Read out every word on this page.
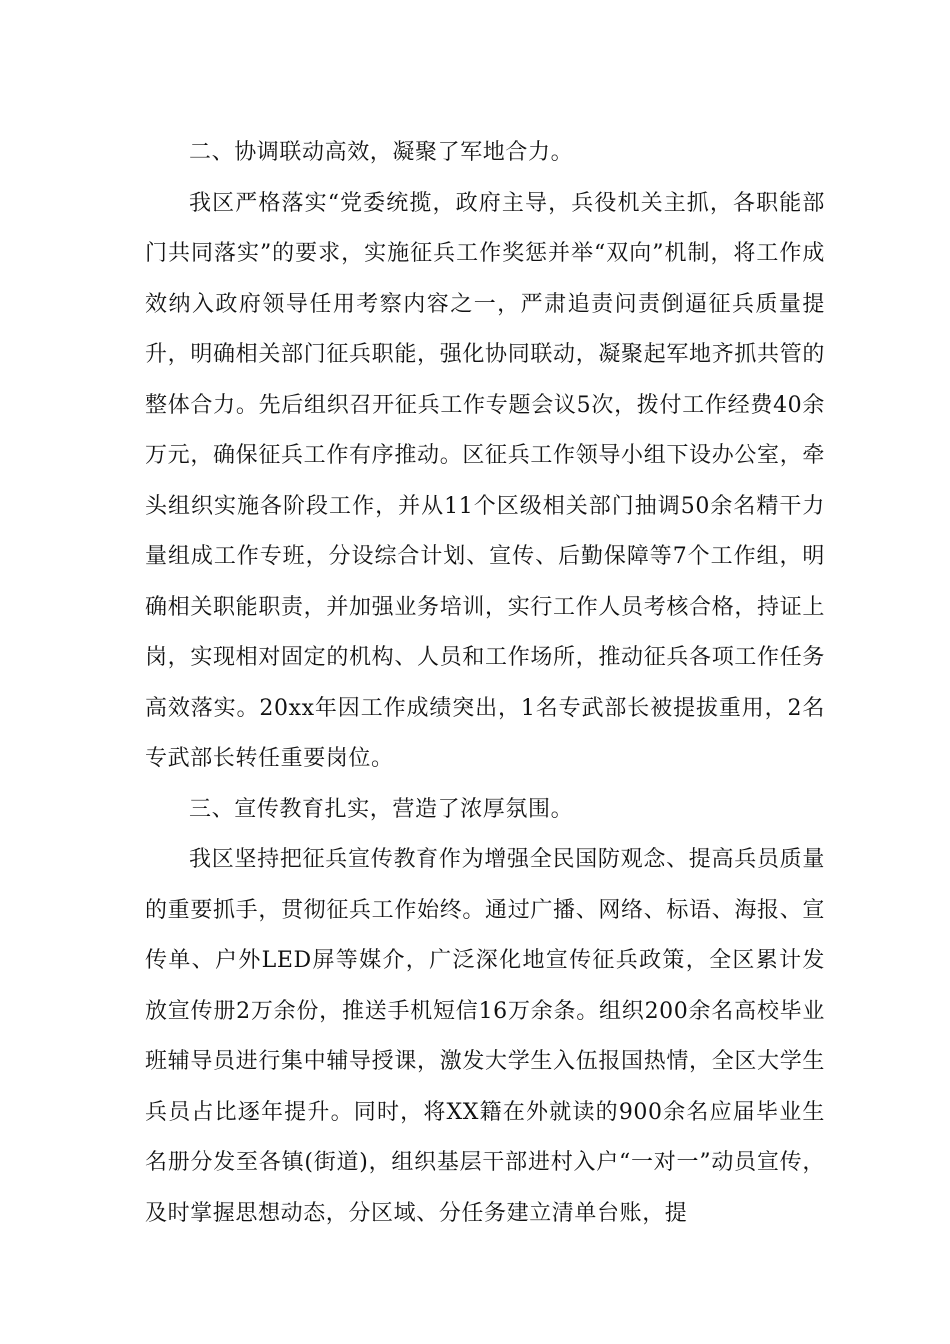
二、协调联动高效，凝聚了军地合力。

我区严格落实“党委统揽，政府主导，兵役机关主抓，各职能部门共同落实”的要求，实施征兵工作奖惩并举“双向”机制，将工作成效纳入政府领导任用考察内容之一，严肃追责问责倒逼征兵质量提升，明确相关部门征兵职能，强化协同联动，凝聚起军地齐抓共管的整体合力。先后组织召开征兵工作专题会议5次，拨付工作经费40余万元，确保征兵工作有序推动。区征兵工作领导小组下设办公室，牵头组织实施各阶段工作，并从11个区级相关部门抽调50余名精干力量组成工作专班，分设综合计划、宣传、后勤保障等7个工作组，明确相关职能职责，并加强业务培训，实行工作人员考核合格，持证上岗，实现相对固定的机构、人员和工作场所，推动征兵各项工作任务高效落实。20xx年因工作成绩突出，1名专武部长被提拔重用，2名专武部长转任重要岗位。

三、宣传教育扎实，营造了浓厚氛围。

我区坚持把征兵宣传教育作为增强全民国防观念、提高兵员质量的重要抓手，贯彻征兵工作始终。通过广播、网络、标语、海报、宣传单、户外LED屏等媒介，广泛深化地宣传征兵政策，全区累计发放宣传册2万余份，推送手机短信16万余条。组织200余名高校毕业班辅导员进行集中辅导授课，激发大学生入伍报国热情，全区大学生兵员占比逐年提升。同时，将XX籍在外就读的900余名应届毕业生名册分发至各镇(街道)，组织基层干部进村入户“一对一”动员宣传，及时掌握思想动态，分区域、分任务建立清单台账，提
